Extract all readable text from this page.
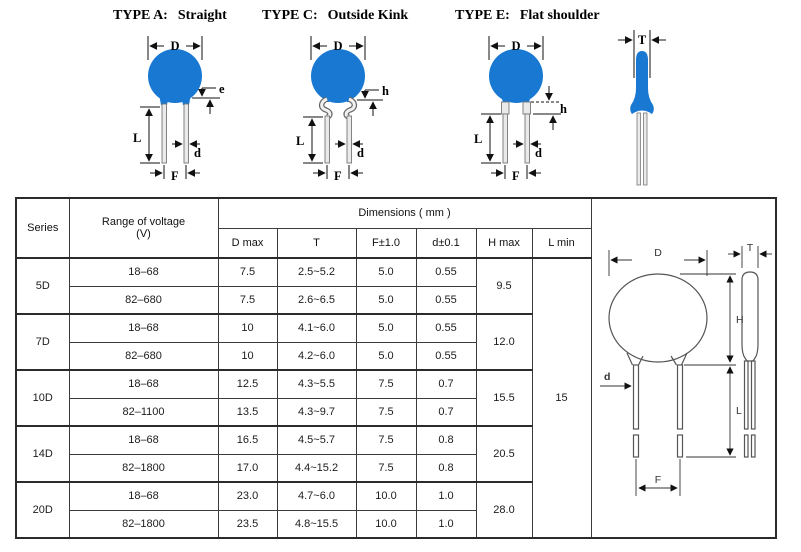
TYPE A: Straight	TYPE C: Outside Kink	TYPE E: Flat shoulder
D
e
L
d
F
D
h
L
d
F
D
h
L
d
F
T
Series	Range of voltage
(V)
	Dimensions ( mm )	
D
H
L
d
F
T

		D max	T	F±1.0	d±0.1	H max	L min	
5D	18–68	7.5	2.5~5.2	5.0	0.55	9.5	15	
	82–680	7.5	2.6~6.5	5.0	0.55			
7D	18–68	10	4.1~6.0	5.0	0.55	12.0		
	82–680	10	4.2~6.0	5.0	0.55			
10D	18–68	12.5	4.3~5.5	7.5	0.7	15.5		
	82–1100	13.5	4.3~9.7	7.5	0.7			
14D	18–68	16.5	4.5~5.7	7.5	0.8	20.5		
	82–1800	17.0	4.4~15.2	7.5	0.8			
20D	18–68	23.0	4.7~6.0	10.0	1.0	28.0		
	82–1800	23.5	4.8~15.5	10.0	1.0			
